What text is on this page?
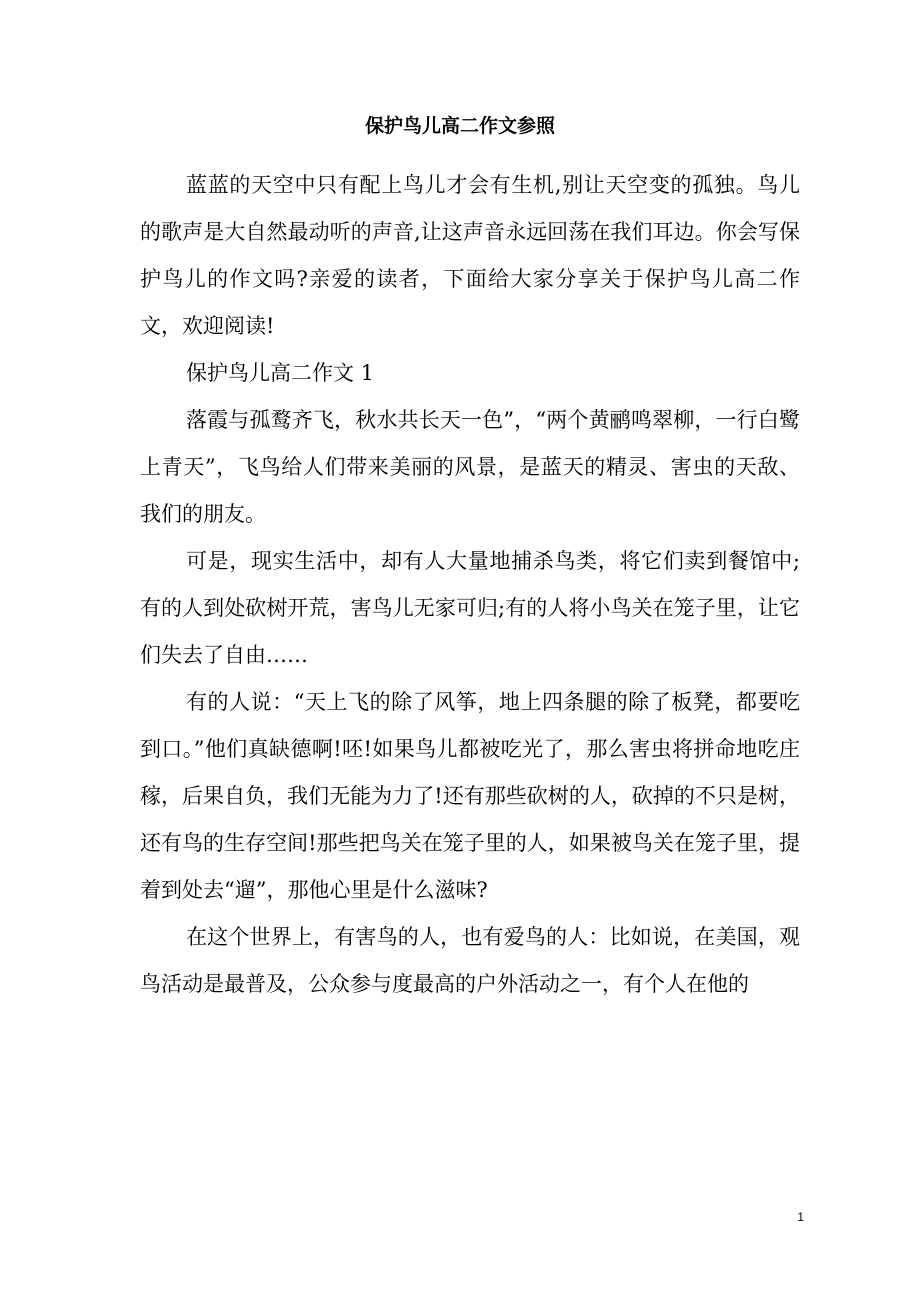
保护鸟儿高二作文参照

蓝蓝的天空中只有配上鸟儿才会有生机,别让天空变的孤独。鸟儿的歌声是大自然最动听的声音,让这声音永远回荡在我们耳边。你会写保护鸟儿的作文吗?亲爱的读者，下面给大家分享关于保护鸟儿高二作文，欢迎阅读!

保护鸟儿高二作文 1

落霞与孤鹜齐飞，秋水共长天一色”，“两个黄鹂鸣翠柳，一行白鹭上青天”，飞鸟给人们带来美丽的风景，是蓝天的精灵、害虫的天敌、我们的朋友。

可是，现实生活中，却有人大量地捕杀鸟类，将它们卖到餐馆中;有的人到处砍树开荒，害鸟儿无家可归;有的人将小鸟关在笼子里，让它们失去了自由……

有的人说：“天上飞的除了风筝，地上四条腿的除了板凳，都要吃到口。”他们真缺德啊!呸!如果鸟儿都被吃光了，那么害虫将拼命地吃庄稼，后果自负，我们无能为力了!还有那些砍树的人，砍掉的不只是树，还有鸟的生存空间!那些把鸟关在笼子里的人，如果被鸟关在笼子里，提着到处去“遛”，那他心里是什么滋味?

在这个世界上，有害鸟的人，也有爱鸟的人：比如说，在美国，观鸟活动是最普及，公众参与度最高的户外活动之一，有个人在他的

1
